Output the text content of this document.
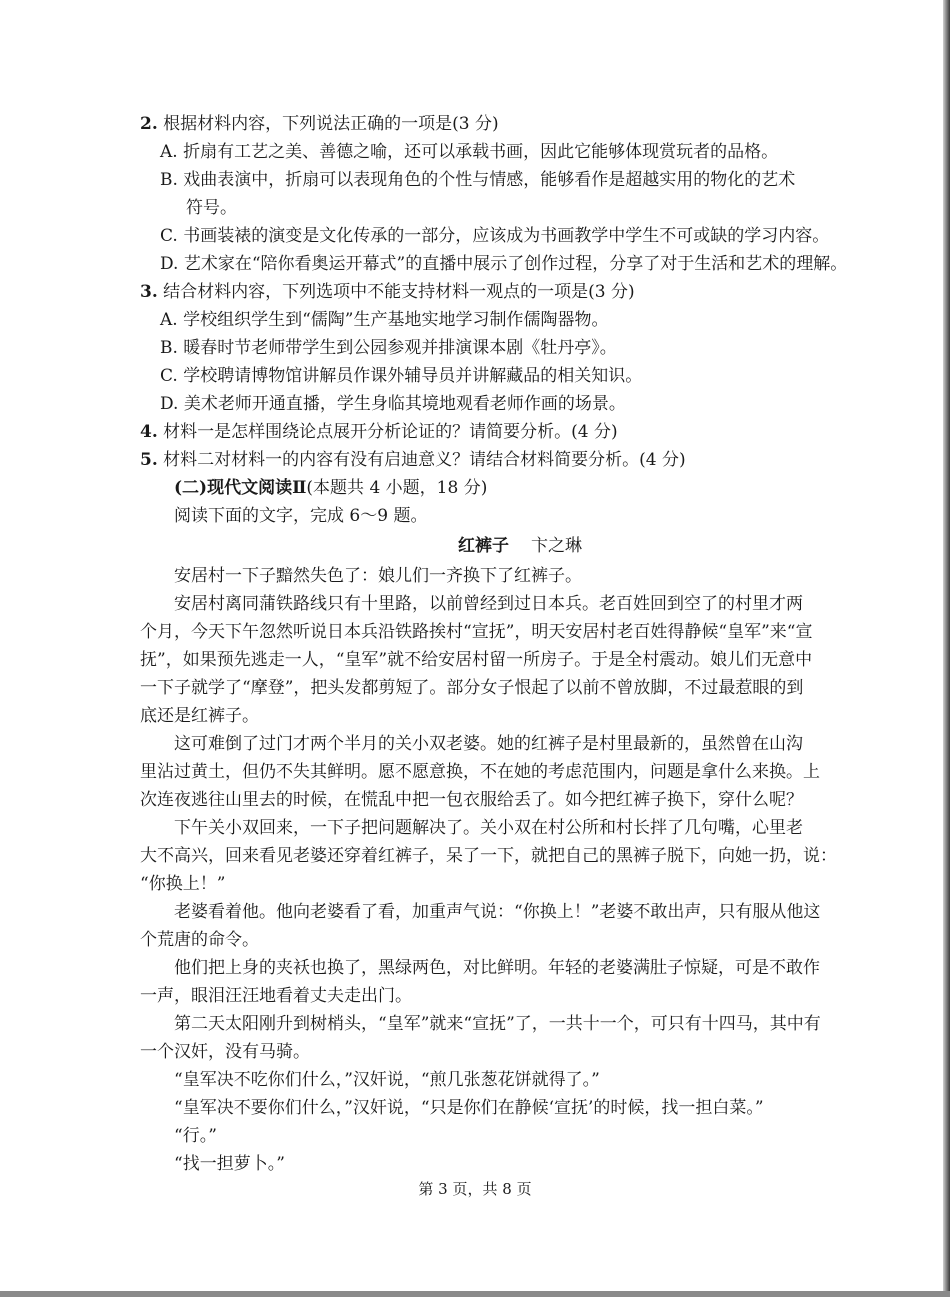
2. 根据材料内容，下列说法正确的一项是(3 分)
A. 折扇有工艺之美、善德之喻，还可以承载书画，因此它能够体现赏玩者的品格。
B. 戏曲表演中，折扇可以表现角色的个性与情感，能够看作是超越实用的物化的艺术
符号。
C. 书画装裱的演变是文化传承的一部分，应该成为书画教学中学生不可或缺的学习内容。
D. 艺术家在“陪你看奥运开幕式”的直播中展示了创作过程，分享了对于生活和艺术的理解。
3. 结合材料内容，下列选项中不能支持材料一观点的一项是(3 分)
A. 学校组织学生到“儒陶”生产基地实地学习制作儒陶器物。
B. 暖春时节老师带学生到公园参观并排演课本剧《牡丹亭》。
C. 学校聘请博物馆讲解员作课外辅导员并讲解藏品的相关知识。
D. 美术老师开通直播，学生身临其境地观看老师作画的场景。
4. 材料一是怎样围绕论点展开分析论证的？请简要分析。(4 分)
5. 材料二对材料一的内容有没有启迪意义？请结合材料简要分析。(4 分)
(二)现代文阅读Ⅱ(本题共 4 小题，18 分)
阅读下面的文字，完成 6～9 题。
红裤子 卞之琳
安居村一下子黯然失色了：娘儿们一齐换下了红裤子。
安居村离同蒲铁路线只有十里路，以前曾经到过日本兵。老百姓回到空了的村里才两
个月，今天下午忽然听说日本兵沿铁路挨村“宣抚”，明天安居村老百姓得静候“皇军”来“宣
抚”，如果预先逃走一人，“皇军”就不给安居村留一所房子。于是全村震动。娘儿们无意中
一下子就学了“摩登”，把头发都剪短了。部分女子恨起了以前不曾放脚，不过最惹眼的到
底还是红裤子。
这可难倒了过门才两个半月的关小双老婆。她的红裤子是村里最新的，虽然曾在山沟
里沾过黄土，但仍不失其鲜明。愿不愿意换，不在她的考虑范围内，问题是拿什么来换。上
次连夜逃往山里去的时候，在慌乱中把一包衣服给丢了。如今把红裤子换下，穿什么呢？
下午关小双回来，一下子把问题解决了。关小双在村公所和村长拌了几句嘴，心里老
大不高兴，回来看见老婆还穿着红裤子，呆了一下，就把自己的黑裤子脱下，向她一扔，说：
“你换上！”
老婆看着他。他向老婆看了看，加重声气说：“你换上！”老婆不敢出声，只有服从他这
个荒唐的命令。
他们把上身的夹袄也换了，黑绿两色，对比鲜明。年轻的老婆满肚子惊疑，可是不敢作
一声，眼泪汪汪地看着丈夫走出门。
第二天太阳刚升到树梢头，“皇军”就来“宣抚”了，一共十一个，可只有十四马，其中有
一个汉奸，没有马骑。
“皇军决不吃你们什么，”汉奸说，“煎几张葱花饼就得了。”
“皇军决不要你们什么，”汉奸说，“只是你们在静候‘宣抚’的时候，找一担白菜。”
“行。”
“找一担萝卜。”
第 3 页，共 8 页
